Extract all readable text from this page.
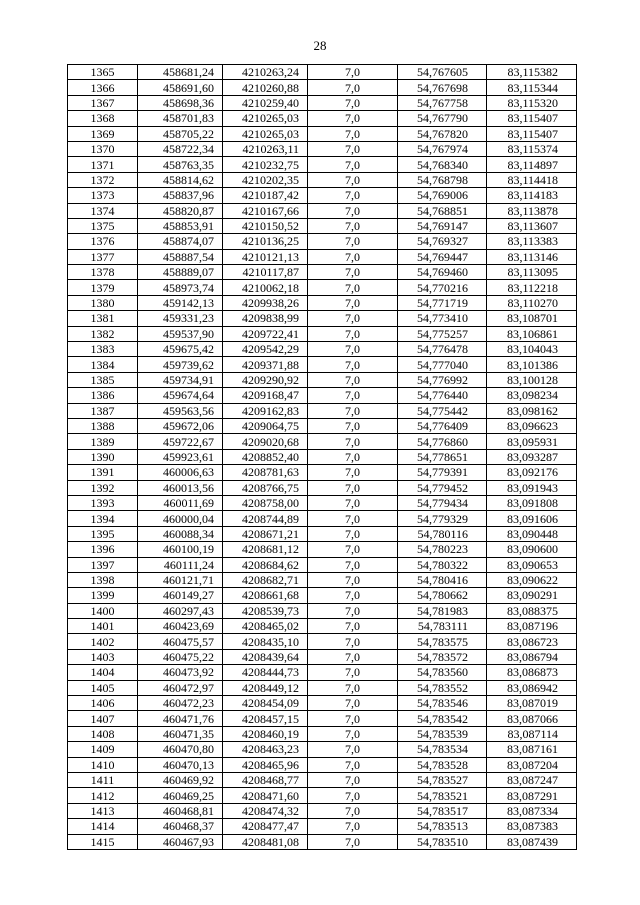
28
1365	458681,24	4210263,24	7,0	54,767605	83,115382
1366	458691,60	4210260,88	7,0	54,767698	83,115344
1367	458698,36	4210259,40	7,0	54,767758	83,115320
1368	458701,83	4210265,03	7,0	54,767790	83,115407
1369	458705,22	4210265,03	7,0	54,767820	83,115407
1370	458722,34	4210263,11	7,0	54,767974	83,115374
1371	458763,35	4210232,75	7,0	54,768340	83,114897
1372	458814,62	4210202,35	7,0	54,768798	83,114418
1373	458837,96	4210187,42	7,0	54,769006	83,114183
1374	458820,87	4210167,66	7,0	54,768851	83,113878
1375	458853,91	4210150,52	7,0	54,769147	83,113607
1376	458874,07	4210136,25	7,0	54,769327	83,113383
1377	458887,54	4210121,13	7,0	54,769447	83,113146
1378	458889,07	4210117,87	7,0	54,769460	83,113095
1379	458973,74	4210062,18	7,0	54,770216	83,112218
1380	459142,13	4209938,26	7,0	54,771719	83,110270
1381	459331,23	4209838,99	7,0	54,773410	83,108701
1382	459537,90	4209722,41	7,0	54,775257	83,106861
1383	459675,42	4209542,29	7,0	54,776478	83,104043
1384	459739,62	4209371,88	7,0	54,777040	83,101386
1385	459734,91	4209290,92	7,0	54,776992	83,100128
1386	459674,64	4209168,47	7,0	54,776440	83,098234
1387	459563,56	4209162,83	7,0	54,775442	83,098162
1388	459672,06	4209064,75	7,0	54,776409	83,096623
1389	459722,67	4209020,68	7,0	54,776860	83,095931
1390	459923,61	4208852,40	7,0	54,778651	83,093287
1391	460006,63	4208781,63	7,0	54,779391	83,092176
1392	460013,56	4208766,75	7,0	54,779452	83,091943
1393	460011,69	4208758,00	7,0	54,779434	83,091808
1394	460000,04	4208744,89	7,0	54,779329	83,091606
1395	460088,34	4208671,21	7,0	54,780116	83,090448
1396	460100,19	4208681,12	7,0	54,780223	83,090600
1397	460111,24	4208684,62	7,0	54,780322	83,090653
1398	460121,71	4208682,71	7,0	54,780416	83,090622
1399	460149,27	4208661,68	7,0	54,780662	83,090291
1400	460297,43	4208539,73	7,0	54,781983	83,088375
1401	460423,69	4208465,02	7,0	54,783111	83,087196
1402	460475,57	4208435,10	7,0	54,783575	83,086723
1403	460475,22	4208439,64	7,0	54,783572	83,086794
1404	460473,92	4208444,73	7,0	54,783560	83,086873
1405	460472,97	4208449,12	7,0	54,783552	83,086942
1406	460472,23	4208454,09	7,0	54,783546	83,087019
1407	460471,76	4208457,15	7,0	54,783542	83,087066
1408	460471,35	4208460,19	7,0	54,783539	83,087114
1409	460470,80	4208463,23	7,0	54,783534	83,087161
1410	460470,13	4208465,96	7,0	54,783528	83,087204
1411	460469,92	4208468,77	7,0	54,783527	83,087247
1412	460469,25	4208471,60	7,0	54,783521	83,087291
1413	460468,81	4208474,32	7,0	54,783517	83,087334
1414	460468,37	4208477,47	7,0	54,783513	83,087383
1415	460467,93	4208481,08	7,0	54,783510	83,087439
